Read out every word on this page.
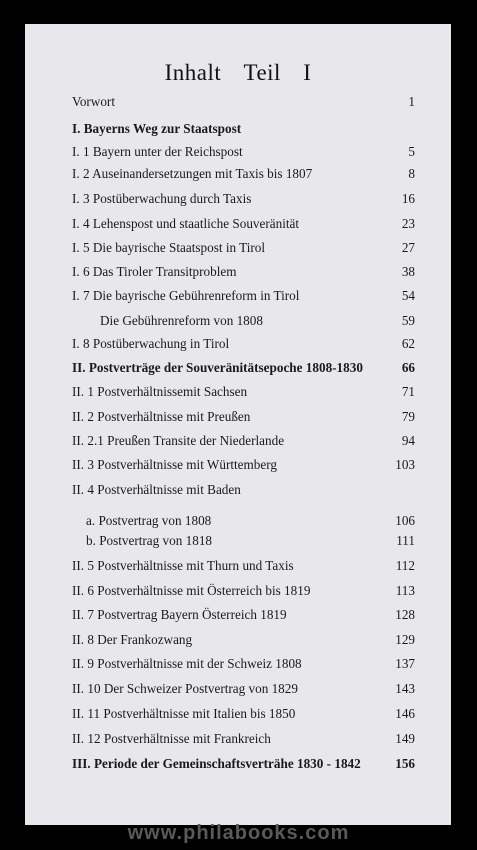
Inhalt Teil I
Vorwort	1
I. Bayerns Weg zur Staatspost
I. 1 Bayern unter der Reichspost	5
I. 2 Auseinandersetzungen mit Taxis bis 1807	8
I. 3 Postüberwachung durch Taxis	16
I. 4 Lehenspost und staatliche Souveränität	23
I. 5 Die bayrische Staatspost in Tirol	27
I. 6 Das Tiroler Transitproblem	38
I. 7 Die bayrische Gebührenreform in Tirol	54
Die Gebührenreform von 1808	59
I. 8 Postüberwachung in Tirol	62
II. Postverträge der Souveränitätsepoche 1808-1830	66
II. 1 Postverhältnissemit Sachsen	71
II. 2 Postverhältnisse mit Preußen	79
II. 2.1 Preußen Transite der Niederlande	94
II. 3 Postverhältnisse mit Württemberg	103
II. 4 Postverhältnisse mit Baden
a. Postvertrag von 1808	106
b. Postvertrag von 1818	111
II. 5 Postverhältnisse mit Thurn und Taxis	112
II. 6 Postverhältnisse mit Österreich bis 1819	113
II. 7 Postvertrag Bayern Österreich 1819	128
II. 8 Der Frankozwang	129
II. 9 Postverhältnisse mit der Schweiz 1808	137
II. 10 Der Schweizer Postvertrag von 1829	143
II. 11 Postverhältnisse mit Italien bis 1850	146
II. 12 Postverhältnisse mit Frankreich	149
III. Periode der Gemeinschaftsverträhe 1830 - 1842	156
www.philabooks.com
